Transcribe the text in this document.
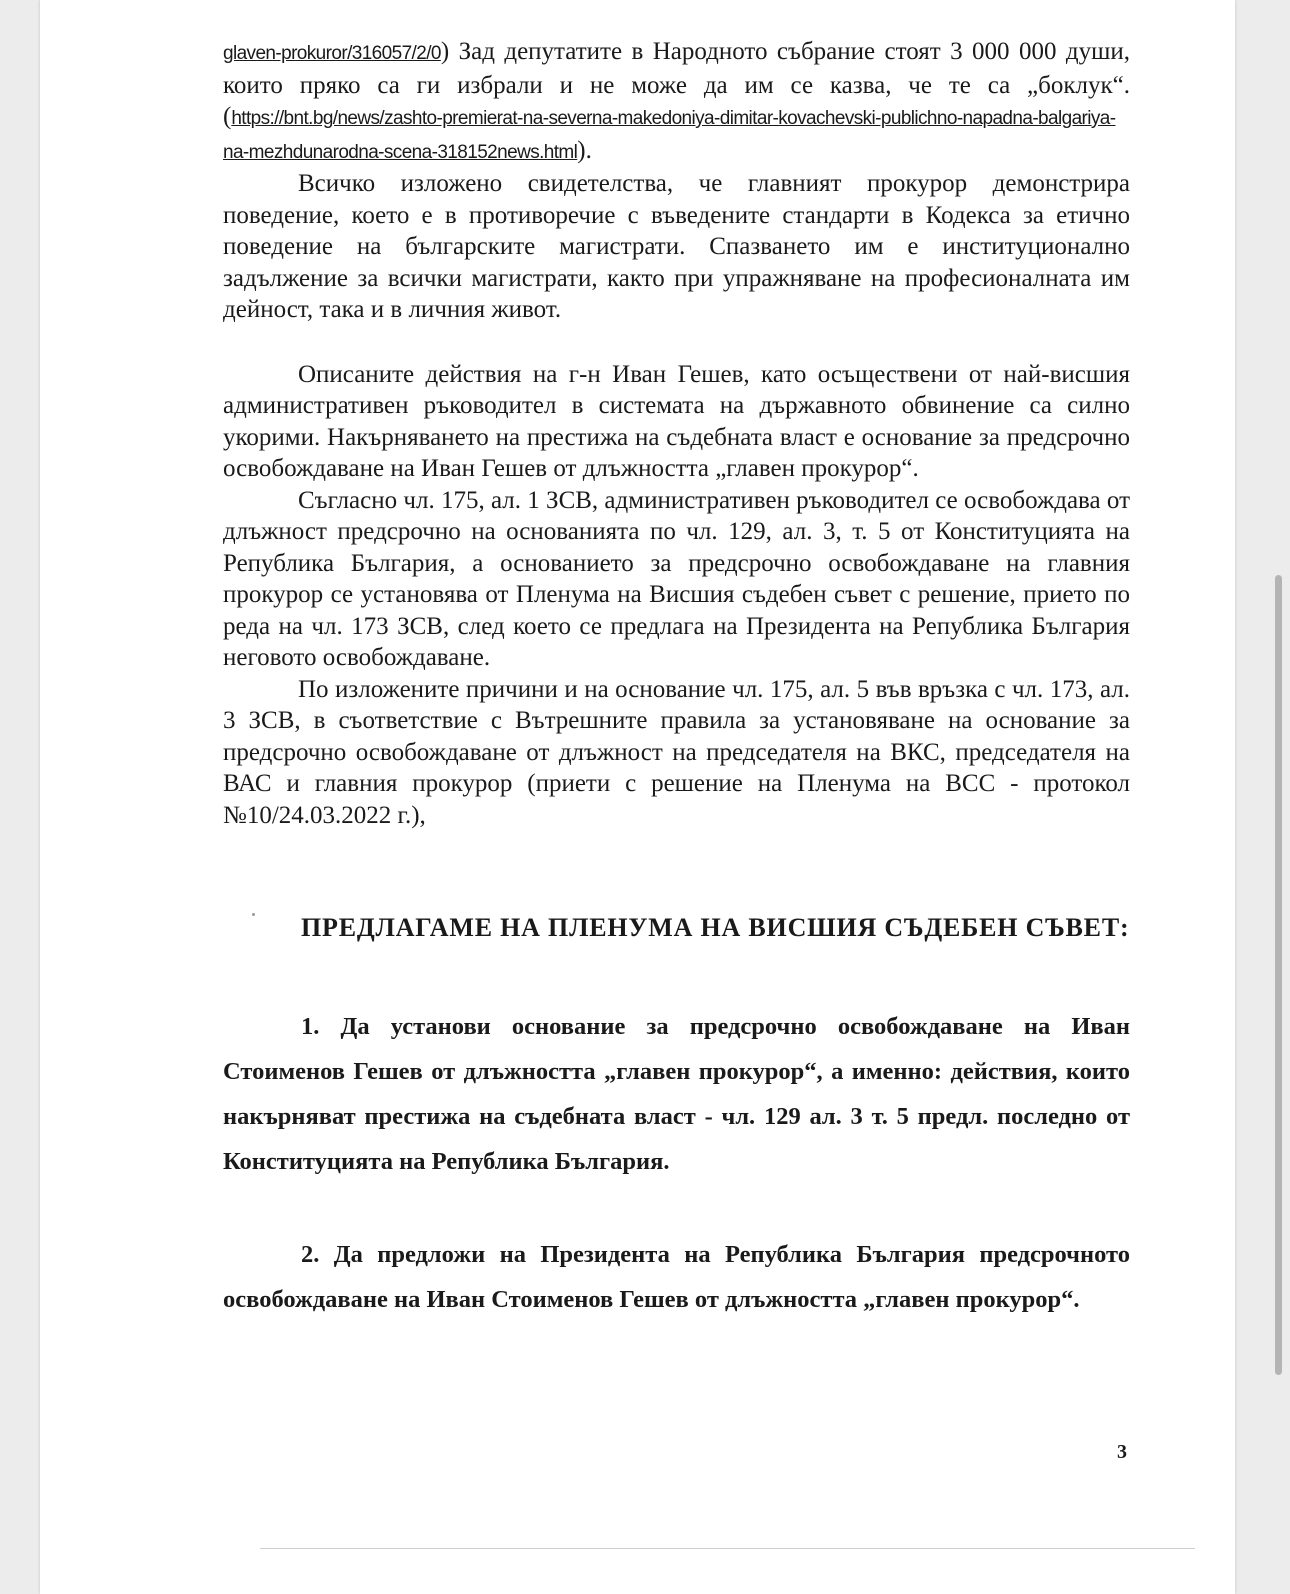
glaven-prokuror/316057/2/0) Зад депутатите в Народното събрание стоят 3 000 000 души, които пряко са ги избрали и не може да им се казва, че те са „боклук“.(https://bnt.bg/news/zashto-premierat-na-severna-makedoniya-dimitar-kovachevski-publichno-napadna-balgariya-na-mezhdunarodna-scena-318152news.html).

Всичко изложено свидетелства, че главният прокурор демонстрира поведение, което е в противоречие с въведените стандарти в Кодекса за етично поведение на българските магистрати. Спазването им е институционално задължение за всички магистрати, както при упражняване на професионалната им дейност, така и в личния живот.

Описаните действия на г-н Иван Гешев, като осъществени от най-висшия административен ръководител в системата на държавното обвинение са силно укорими. Накърняването на престижа на съдебната власт е основание за предсрочно освобождаване на Иван Гешев от длъжността „главен прокурор“.

Съгласно чл. 175, ал. 1 ЗСВ, административен ръководител се освобождава от длъжност предсрочно на основанията по чл. 129, ал. 3, т. 5 от Конституцията на Република България, а основанието за предсрочно освобождаване на главния прокурор се установява от Пленума на Висшия съдебен съвет с решение, прието по реда на чл. 173 ЗСВ, след което се предлага на Президента на Република България неговото освобождаване.

По изложените причини и на основание чл. 175, ал. 5 във връзка с чл. 173, ал. 3 ЗСВ, в съответствие с Вътрешните правила за установяване на основание за предсрочно освобождаване от длъжност на председателя на ВКС, председателя на ВАС и главния прокурор (приети с решение на Пленума на ВСС - протокол №10/24.03.2022 г.),

ПРЕДЛАГАМЕ НА ПЛЕНУМА НА ВИСШИЯ СЪДЕБЕН СЪВЕТ:

1. Да установи основание за предсрочно освобождаване на Иван Стоименов Гешев от длъжността „главен прокурор“, а именно: действия, които накърняват престижа на съдебната власт - чл. 129 ал. 3 т. 5 предл. последно от Конституцията на Република България.

2. Да предложи на Президента на Република България предсрочното освобождаване на Иван Стоименов Гешев от длъжността „главен прокурор“.

3
